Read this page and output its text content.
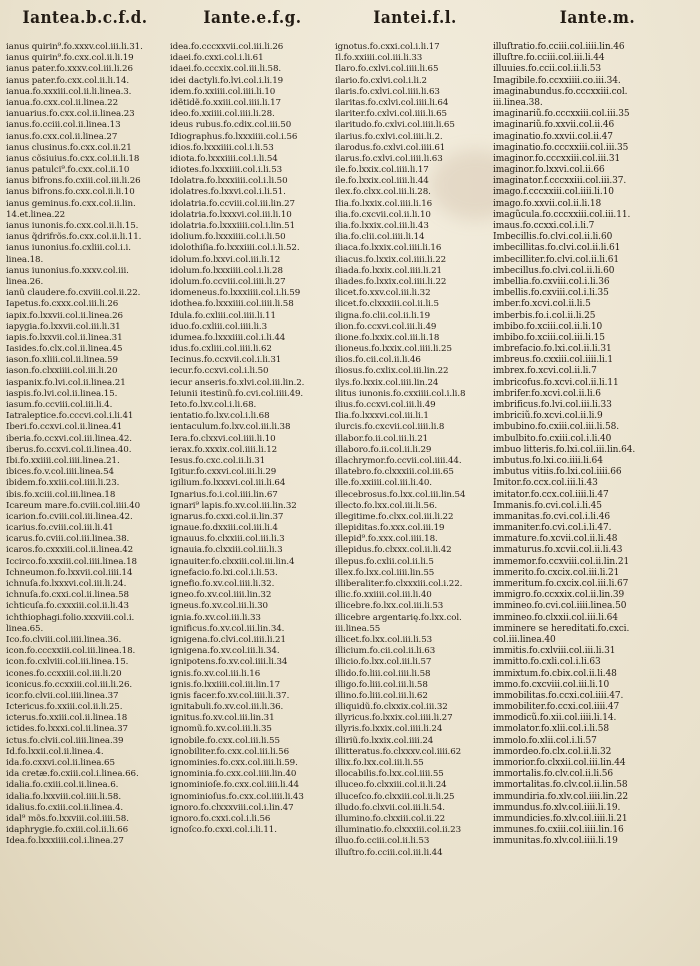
Iantea.b.c.f.d.	Iante.e.f.g.	Iantei.f.l.	Iante.m.
ianus quirin⁹.fo.xxxv.col.iii.li.31.
ianus quirin⁹.fo.cxx.col.ii.li.19
ianus pater.fo.xxxv.col.iii.li.26
ianus pater.fo.cxx.col.ii.li.14.
ianua.fo.xxxiii.col.ii.li.linea.3.
ianua.fo.cxx.col.ii.linea.22
ianuarius.fo.cxx.col.ii.linea.23
ianus.fo.cciii.col.ii.linea.13
ianus.fo.cxx.col.ii.linea.27
ianus clusinus.fo.cxx.col.ii.21
ianus cõsiuius.fo.cxx.col.ii.li.18
ianus patulci⁹.fo.cxx.col.ii.10
ianus bifrons.fo.cxiii.col.iii.li.26
ianus bifrons.fo.cxx.col.ii.li.10
ianus geminus.fo.cxx.col.ii.lin.
14.et.linea.22
ianus iunonis.fo.cxx.col.ii.li.15.
ianus q̃drifrõs.fo.cxx.col.ii.li.11.
ianus iunonius.fo.cxliii.col.i.i.
linea.18.
ianus iunonius.fo.xxxv.col.iii.
linea.26.
ianũ claudere.fo.cxviii.col.ii.22.
Iapetus.fo.cxxx.col.iii.li.26
iapix.fo.lxxvii.col.ii.linea.26
iapygia.fo.lxxvii.col.iii.li.31
iapis.fo.lxxvii.col.ii.linea.31
Iasides.fo.clx.col.ii.linea.45
iason.fo.xliii.col.ii.linea.59
iason.fo.clxxiiii.col.iii.li.20
iaspanix.fo.lvi.col.ii.linea.21
iaspis.fo.lvi.col.ii.linea.15.
iasum.fo.ccviii.col.iii.li.4.
Iatraleptice.fo.cccvi.col.i.li.41
Iberi.fo.ccxvi.col.ii.linea.41
iberia.fo.ccxvi.col.iii.linea.42.
iberus.fo.ccxvi.col.ii.linea.40.
Ibi.fo.xxiiii.col.iiii.linea.21.
ibices.fo.v.col.iiii.linea.54
ibidem.fo.xxiii.col.iiii.li.23.
ibis.fo.xciii.col.iii.linea.18
Icareum mare.fo.cviii.col.iiii.40
icarion.fo.cviii.col.iii.linea.42.
icarius.fo.cviii.col.iii.li.41
icarus.fo.cviii.col.iii.linea.38.
icaros.fo.cxxxiii.col.ii.linea.42
Iccirco.fo.xxxiii.col.iiii.linea.18
Ichneumon.fo.lxxvii.col.iiii.14
ichnuſa.fo.lxxxvi.col.iii.li.24.
ichnuſa.fo.cxxi.col.ii.linea.58
ichticuſa.fo.cxxxiii.col.ii.li.43
ichthiophagi.folio.xxxviii.col.i.
linea.65.
Ico.fo.clviii.col.iiii.linea.36.
icon.fo.cccxxiii.col.iii.linea.18.
icon.fo.cxlviii.col.iii.linea.15.
icones.fo.ccxxiii.col.iii.li.20
iconicus.fo.ccxxiii.col.iii.li.26.
icor.fo.clvii.col.iiii.linea.37
Ictericus.fo.xxiii.col.ii.li.25.
icterus.fo.xxiii.col.ii.linea.18
ictides.fo.lxxxi.col.ii.linea.37
ictus.fo.clvii.col.iiii.linea.39
Id.fo.lxxii.col.ii.linea.4.
ida.fo.cxxvi.col.ii.linea.65
ida cretæ.fo.cxiii.col.i.linea.66.
idalia.fo.cxiii.col.ii.linea.6.
idalia.fo.lxxviii.col.iiii.li.58.
idalius.fo.cxiii.col.ii.linea.4.
idal⁹ mõs.fo.lxxviii.col.iiii.58.
idaphrygie.fo.cxiii.col.ii.li.66
Idea.fo.lxxxiiii.col.i.linea.27
idea.fo.cccxxvii.col.iii.li.26
idaei.fo.cxxi.col.i.li.61
idaei.fo.cccxix.col.iii.li.58.
idei dactyli.fo.lvi.col.i.li.19
idem.fo.xxiiii.col.iiii.li.10
idẽtidẽ.fo.xxiii.col.iiii.li.17
ideo.fo.xxiiii.col.iiii.li.28.
ideus rubus.fo.cdix.col.iii.50
Idiographus.fo.lxxxiiii.col.i.56
idios.fo.lxxxiiii.col.i.li.53
idiota.fo.lxxxiiii.col.i.li.54
idiotes.fo.lxxxiiii.col.i.li.53
Idolatra.fo.lxxxiiii.col.i.li.50
idolatres.fo.lxxvi.col.i.li.51.
idolatria.fo.ccviii.col.iii.lin.27
idolatria.fo.lxxxvi.col.iii.li.10
idolatria.fo.lxxxiiii.col.i.lin.51
idolium.fo.lxxxiiii.col.i.li.50
idolothiſia.fo.lxxxiiii.col.i.li.52.
idolum.fo.lxxvi.col.iii.li.12
idolum.fo.lxxxiiii.col.i.li.28
idolum.fo.ccviii.col.iiii.li.27
idomeneus.fo.lxxxiiii.col.i.li.59
idothea.fo.lxxxiiii.col.iiii.li.58
Idula.fo.cxliii.col.iiii.li.11
iduo.fo.cxliii.col.iiii.li.3
idumea.fo.lxxxiiii.col.i.li.44
idus.fo.cxliii.col.iiii.li.62
Iecinus.fo.ccxvii.col.i.li.31
iecur.fo.ccxvi.col.i.li.50
iecur anseris.fo.xlvi.col.iii.lin.2.
Ieiunii itestinũ.fo.cvi.col.iiii.49.
Ieto.fo.lxv.col.i.li.68.
ientatio.fo.lxv.col.i.li.68
ientaculum.fo.lxv.col.iii.li.38
Iera.fo.clxxvi.col.iiii.li.10
ierax.fo.xxxix.col.iiii.li.12
Iesus.fo.cxc.col.ii.li.31
Igitur.fo.cxxvi.col.iii.li.29
igilium.fo.lxxxvi.col.iii.li.64
Ignarius.fo.i.col.iiii.lin.67
ignari⁹ lapis.fo.xv.col.iii.lin.32
ignarus.fo.cxxi.col.ii.lin.37
ignaue.fo.dxxiii.col.iii.li.4
ignauus.fo.clxxiii.col.iii.li.3
ignauia.fo.clxxiii.col.iii.li.3
ignauiter.fo.clxxiii.col.iii.lin.4
ignefacio.fo.lxi.col.i.li.53.
ignefio.fo.xv.col.iiii.li.32.
igneo.fo.xv.col.iiii.lin.32
igneus.fo.xv.col.iii.li.30
ignia.fo.xv.col.iii.li.33
ignificus.fo.xv.col.iii.lin.34.
ignigena.fo.clvi.col.iiii.li.21
ignigena.fo.xv.col.iii.li.34.
ignipotens.fo.xv.col.iiii.li.34
ignis.fo.xv.col.iii.li.16
ignis.fo.lxxiiii.col.iii.lin.17
ignis facer.fo.xv.col.iiii.li.37.
ignitabuli.fo.xv.col.iii.li.36.
ignitus.fo.xv.col.iii.lin.31
ignomũ.fo.xv.col.iii.li.35
ignobile.fo.cxx.col.iii.li.55
ignobiliter.fo.cxx.col.iii.li.56
ignominies.fo.cxx.col.iiii.li.59.
ignominia.fo.cxx.col.iiii.lin.40
ignominioſe.fo.cxx.col.iiii.li.44
ignominioſus.fo.cxx.col.iiii.li.43
ignoro.fo.clxxxviii.col.i.lin.47
ignoro.fo.cxxi.col.i.li.56
ignoſco.fo.cxxi.col.i.li.11.
ignotus.fo.cxxi.col.i.li.17
Il.fo.xxiiii.col.iii.li.33
Ilaro.fo.cxlvi.col.iiii.li.65
ilario.fo.cxlvi.col.i.li.2
ilaris.fo.cxlvi.col.iiii.li.63
ilaritas.fo.cxlvi.col.iiii.li.64
ilariter.fo.cxlvi.col.iiii.li.65
ilaritudo.fo.cxlvi.col.iiii.li.65
ilarius.fo.cxlvi.col.iiii.li.2.
ilarodus.fo.cxlvi.col.iiii.61
ilarus.fo.cxlvi.col.iiii.li.63
ile.fo.lxxix.col.iiii.li.17
ile.fo.lxxix.col.iiii.li.44
ilex.fo.clxx.col.iii.li.28.
Ilia.fo.lxxix.col.iiii.li.16
ilia.fo.cxcvii.col.ii.li.10
ilia.fo.lxxix.col.iii.li.43
ilia.fo.clii.col.iiii.li.14
iliaca.fo.lxxix.col.iiii.li.16
iliacus.fo.lxxix.col.iiii.li.22
iliada.fo.lxxix.col.iiii.li.21
iliades.fo.lxxix.col.iiii.li.22
ilicet.fo.xxv.col.iii.li.32
ilicet.fo.clxxxiii.col.ii.li.5
iligna.fo.clii.col.ii.li.19
ilion.fo.ccxvi.col.iii.li.49
ilione.fo.lxxix.col.iii.li.18
ilioneus.fo.lxxix.col.iiii.li.25
ilios.fo.cii.col.ii.li.46
iliosus.fo.cxlix.col.iii.lin.22
ilys.fo.lxxix.col.iiii.lin.24
ilitus iunonis.fo.cxxiiii.col.i.li.8
ilius.fo.ccxvi.col.iii.li.49
Ilia.fo.lxxxvi.col.iii.li.1
ilurcis.fo.cxcvii.col.iiii.li.8
illabor.fo.ii.col.iii.li.21
illaboro.fo.ii.col.ii.li.29
illachrymor.fo.ccvii.col.iiii.44.
illatebro.fo.clxxxiii.col.iii.65
ille.fo.xxiiii.col.iii.li.40.
illecebrosus.fo.lxx.col.iii.lin.54
illecto.fo.lxx.col.iii.li.56.
illegitime.fo.clxx.col.iii.li.22
illepiditas.fo.xxx.col.iii.19
illepid⁹.fo.xxx.col.iiii.18.
illepidus.fo.clxxx.col.ii.li.42
illepus.fo.cxlii.col.ii.li.5
illex.fo.lxx.col.iiii.lin.55
illiberaliter.fo.clxxxiii.col.i.22.
illic.fo.xxiiii.col.iii.li.40
illicebre.fo.lxx.col.iii.li.53
illicebre argentarię.fo.lxx.col.
iii.linea.55
illicet.fo.lxx.col.iii.li.53
illicium.fo.cii.col.ii.li.63
illicio.fo.lxx.col.iii.li.57
illido.fo.liii.col.iiii.li.58
illigo.fo.liii.col.iii.li.58
illino.fo.liii.col.iii.li.62
illiquidũ.fo.clxxix.col.iii.32
illyricus.fo.lxxix.col.iiii.li.27
illyris.fo.lxxix.col.iiii.li.24
illiriũ.fo.lxxix.col.iiii.24
illitteratus.fo.clxxxv.col.iiii.62
illix.fo.lxx.col.iii.li.55
illocabilis.fo.lxx.col.iiii.55
illuceo.fo.clxxiii.col.ii.li.24
illuceſco.fo.clxxiii.col.ii.li.25
illudo.fo.clxvii.col.iii.li.54.
illumino.fo.clxxiii.col.ii.22
illuminatio.fo.clxxxiii.col.ii.23
illuo.fo.cciii.col.ii.li.53
illuſtro.fo.cciii.col.iii.li.44
illuſtratio.fo.cciii.col.iiii.lin.46
illuſtre.fo.cciii.col.iii.li.44
illuuies.fo.ccii.col.ii.li.53
Imagibile.fo.ccxxiiii.co.iii.34.
imaginabundus.fo.cccxxiii.col.
iii.linea.38.
imaginariũ.fo.cccxxiii.col.iii.35
imaginariũ.fo.xxvii.col.ii.46
imaginatio.fo.xxvii.col.ii.47
imaginatio.fo.cccxxiii.col.iii.35
imaginor.fo.cccxxiii.col.iii.31
imaginor.fo.lxxvi.col.ii.66
imaginator.f.cccxxiii.col.iii.37.
imago.f.cccxxiii.col.iiii.li.10
imago.fo.xxvii.col.ii.li.18
imagũcula.fo.cccxxiii.col.iii.11.
imaus.fo.ccxxi.col.i.li.7
Imbecillis.fo.clvi.col.ii.li.60
imbecillitas.fo.clvi.col.ii.li.61
imbecilliter.fo.clvi.col.ii.li.61
imbecillus.fo.clvi.col.ii.li.60
imbellia.fo.cxviii.col.i.li.36
imbellis.fo.cxviii.col.i.li.35
imber.fo.xcvi.col.ii.li.5
imberbis.fo.i.col.ii.li.25
imbibo.fo.xciii.col.ii.li.10
imbibo.fo.xciii.col.iii.li.15
imbrefacio.fo.lxi.col.ii.li.31
imbreus.fo.cxxiii.col.iiii.li.1
imbrex.fo.xcvi.col.ii.li.7
imbricofus.fo.xcvi.col.ii.li.11
imbrifer.fo.xcvi.col.ii.li.6
imbrificus.fo.lvi.col.iii.li.33
imbriciũ.fo.xcvi.col.ii.li.9
imbubino.fo.cxiii.col.iii.li.58.
imbulbito.fo.cxiii.col.i.li.40
imbuo litteris.fo.lxi.col.iii.lin.64.
imbutus.fo.lxi.co.iiii.li.64
imbutus vitiis.fo.lxi.col.iiii.66
Imitor.fo.ccx.col.iii.li.43
imitator.fo.ccx.col.iiii.li.47
Immanis.fo.cvi.col.i.li.45
immanitas.fo.cvi.col.i.li.46
immaniter.fo.cvi.col.i.li.47.
immature.fo.xcvii.col.ii.li.48
immaturus.fo.xcvii.col.ii.li.43
immemor.fo.ccxviii.col.ii.lin.21
immerito.fo.cxcix.col.iii.li.21
immeritum.fo.cxcix.col.iii.li.67
immigro.fo.ccxxix.col.ii.lin.39
immineo.fo.cvi.col.iiii.linea.50
immineo.fo.clxxii.col.iii.li.64
imminere se hereditati.fo.cxci.
col.iii.linea.40
immitis.fo.cxlviii.col.iii.li.31
immitto.fo.cxli.col.i.li.63
immixtum.fo.cbix.col.ii.li.48
immo.fo.cxcviii.col.iii.li.10
immobilitas.fo.ccxi.col.iiii.47.
immobiliter.fo.ccxi.col.iiii.47
immodicũ.fo.xii.col.iiii.li.14.
immolator.fo.xlii.col.i.li.58
immolo.fo.xlii.col.i.li.57
immordeo.fo.clx.col.ii.li.32
immorior.fo.clxxii.col.iii.lin.44
immortalis.fo.clv.col.ii.li.56
immortalitas.fo.clv.col.ii.lin.58
immundiria.fo.xlv.col.iiii.lin.22
immundus.fo.xlv.col.iiii.li.19.
immundicies.fo.xlv.col.iiii.li.21
immunes.fo.cxiii.col.iiii.lin.16
immunitas.fo.xlv.col.iiii.li.19
